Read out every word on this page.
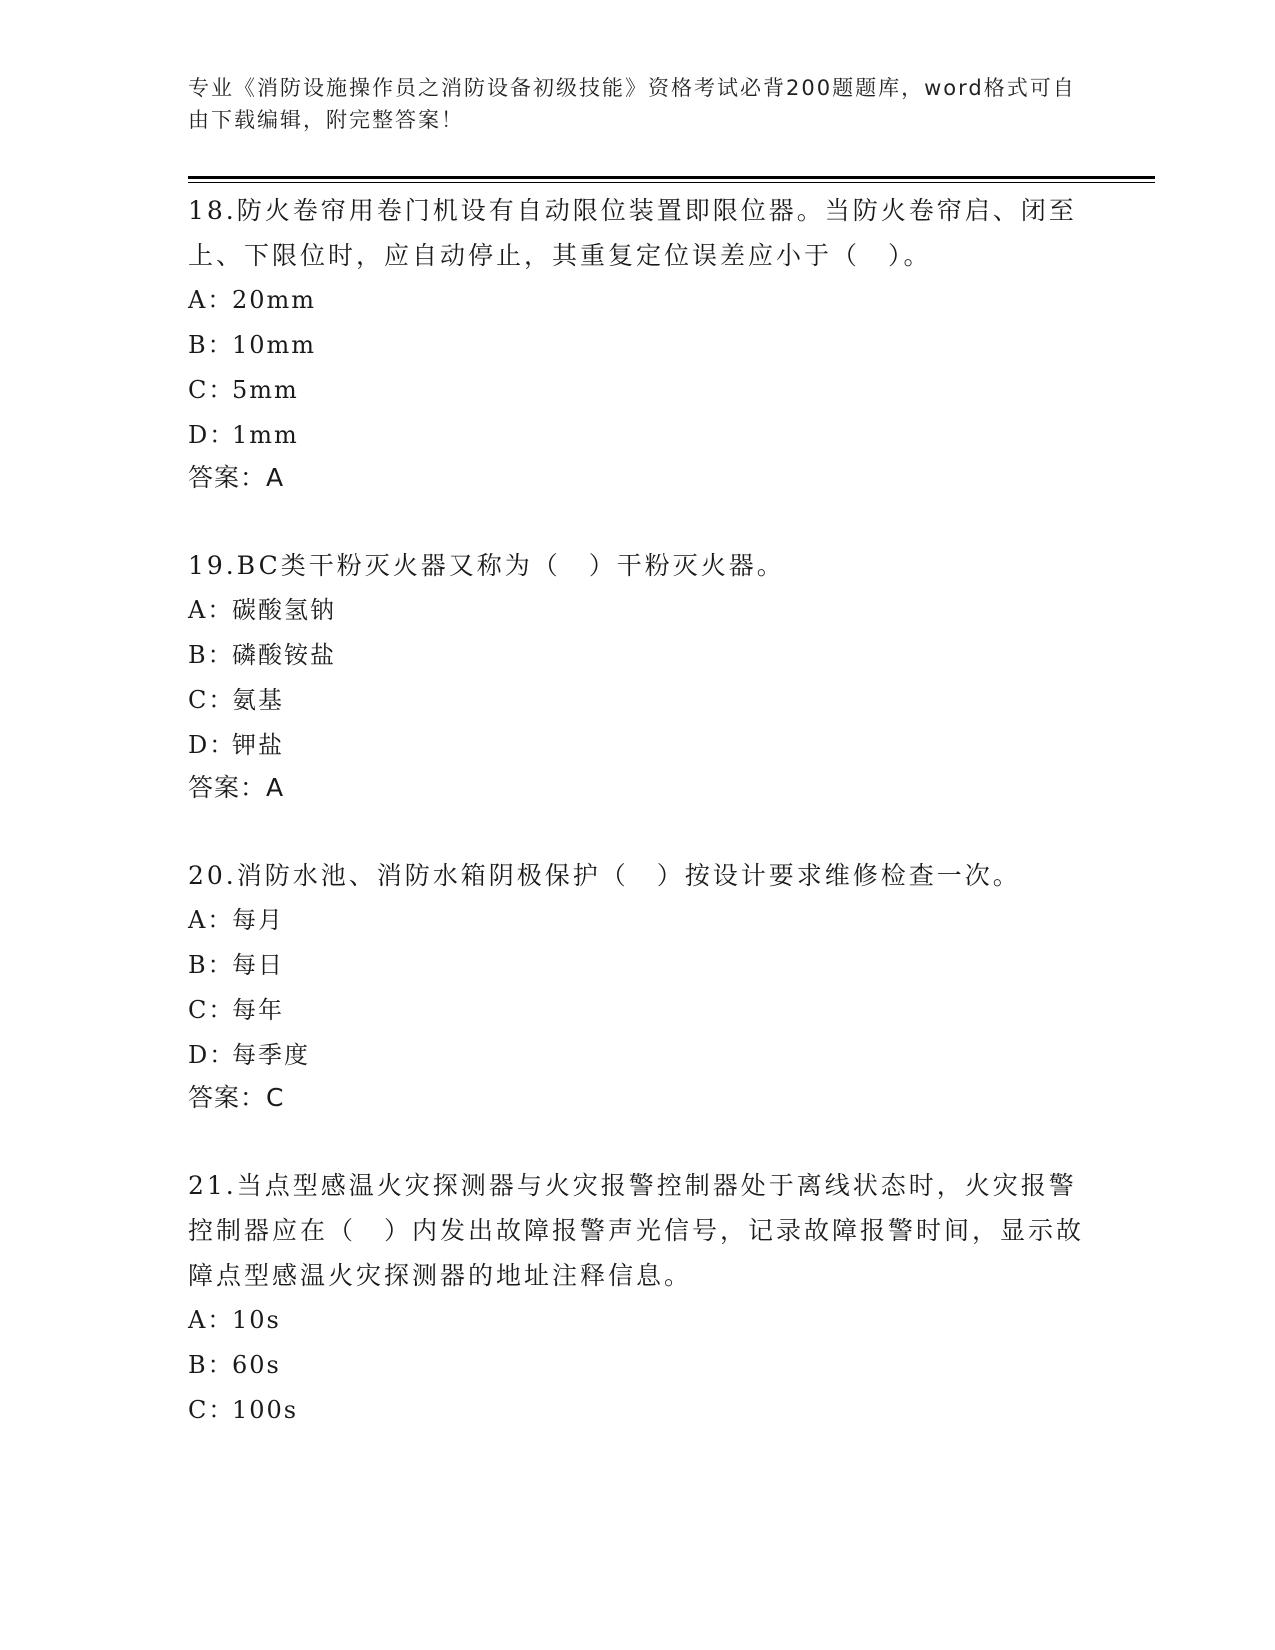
专业《消防设施操作员之消防设备初级技能》资格考试必背200题题库，word格式可自由下载编辑，附完整答案！
18.防火卷帘用卷门机设有自动限位装置即限位器。当防火卷帘启、闭至上、下限位时，应自动停止，其重复定位误差应小于（　）。
A：
20mm
B：
10mm
C：
5mm
D：
1mm
答案：A
19.BC类干粉灭火器又称为（　）干粉灭火器。
A：
碳酸氢钠
B：
磷酸铵盐
C：
氨基
D：
钾盐
答案：A
20.消防水池、消防水箱阴极保护（　）按设计要求维修检查一次。
A：
每月
B：
每日
C：
每年
D：
每季度
答案：C
21.当点型感温火灾探测器与火灾报警控制器处于离线状态时，火灾报警控制器应在（　）内发出故障报警声光信号，记录故障报警时间，显示故障点型感温火灾探测器的地址注释信息。
A：
10s
B：
60s
C：
100s
